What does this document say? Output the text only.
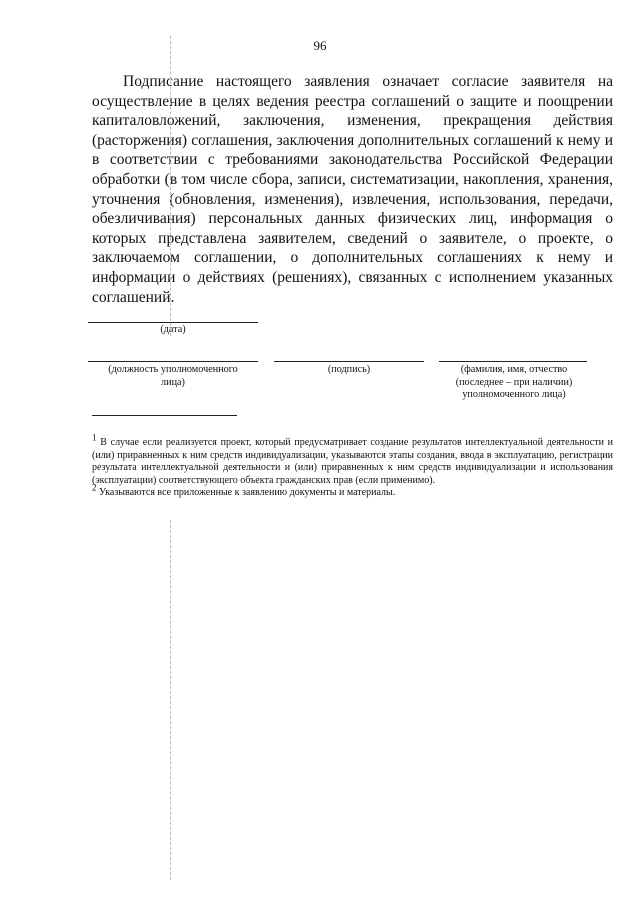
96

Подписание настоящего заявления означает согласие заявителя на осуществление в целях ведения реестра соглашений о защите и поощрении капиталовложений, заключения, изменения, прекращения действия (расторжения) соглашения, заключения дополнительных соглашений к нему и в соответствии с требованиями законодательства Российской Федерации обработки (в том числе сбора, записи, систематизации, накопления, хранения, уточнения (обновления, изменения), извлечения, использования, передачи, обезличивания) персональных данных физических лиц, информация о которых представлена заявителем, сведений о заявителе, о проекте, о заключаемом соглашении, о дополнительных соглашениях к нему и информации о действиях (решениях), связанных с исполнением указанных соглашений.

(дата)
(должность уполномоченного лица)
(подпись)	(фамилия, имя, отчество (последнее – при наличии) уполномоченного лица)

$^1$ В случае если реализуется проект, который предусматривает создание результатов интеллектуальной деятельности и (или) приравненных к ним средств индивидуализации, указываются этапы создания, ввода в эксплуатацию, регистрации результата интеллектуальной деятельности и (или) приравненных к ним средств индивидуализации и использования (эксплуатации) соответствующего объекта гражданских прав (если применимо).

$^2$ Указываются все приложенные к заявлению документы и материалы.
